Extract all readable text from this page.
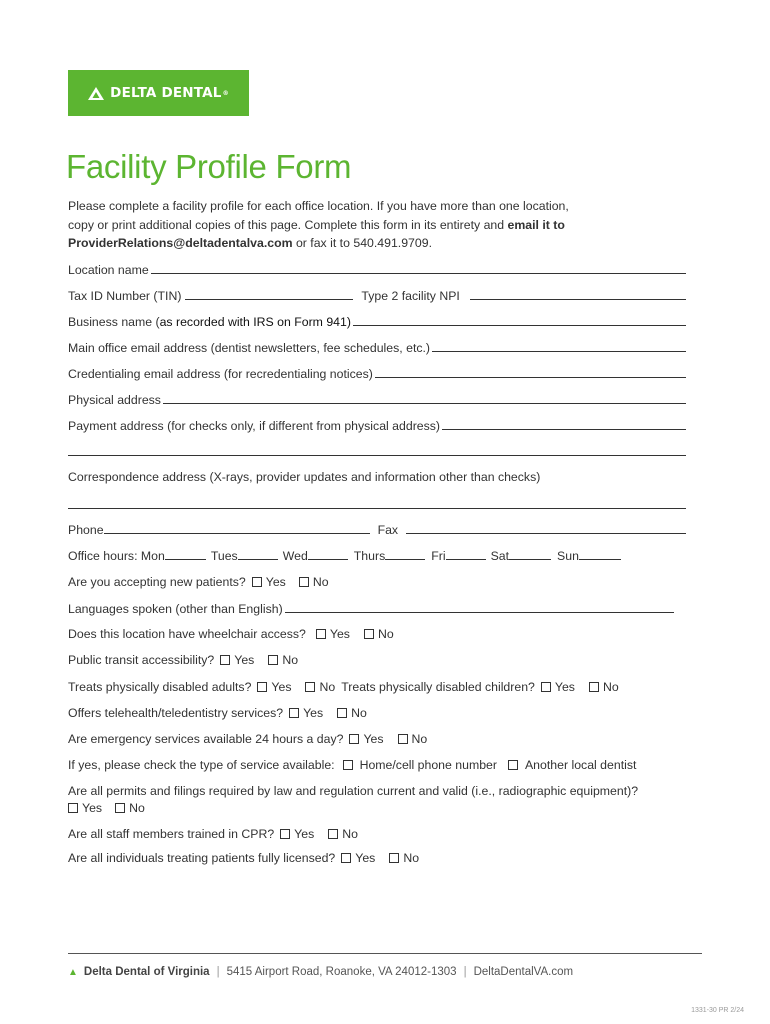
DELTA DENTAL ®
Facility Profile Form
Please complete a facility profile for each office location. If you have more than one location,
copy or print additional copies of this page. Complete this form in its entirety and email it to
ProviderRelations@deltadentalva.com or fax it to 540.491.9709.
Location name
Tax ID Number (TIN)	Type 2 facility NPI
Business name ( as recorded with IRS on Form 941)
Main office email address (dentist newsletters, fee schedules, etc.)
Credentialing email address (for recredentialing notices)
Physical address
Payment address (for checks only, if different from physical address)
Correspondence address (X-rays, provider updates and information other than checks)
Phone	Fax
Office hours: Mon	Tues	Wed	Thurs	Fri	Sat	Sun
Are you accepting new patients?	Yes	No
Languages spoken (other than English)
Does this location have wheelchair access?	Yes	No
Public transit accessibility?	Yes	No
Treats physically disabled adults?	Yes	No Treats physically disabled children?	Yes	No
Offers telehealth/teledentistry services?	Yes	No
Are emergency services available 24 hours a day?	Yes	No
If yes, please check the type of service available:	Home/cell phone number	Another local dentist
Are all permits and filings required by law and regulation current and valid (i.e., radiographic equipment)?
Yes	No
Are all staff members trained in CPR?	Yes	No
Are all individuals treating patients fully licensed?	Yes	No
▲ Delta Dental of Virginia | 5415 Airport Road, Roanoke, VA 24012-1303 | DeltaDentalVA.com
1331-30 PR 2/24
